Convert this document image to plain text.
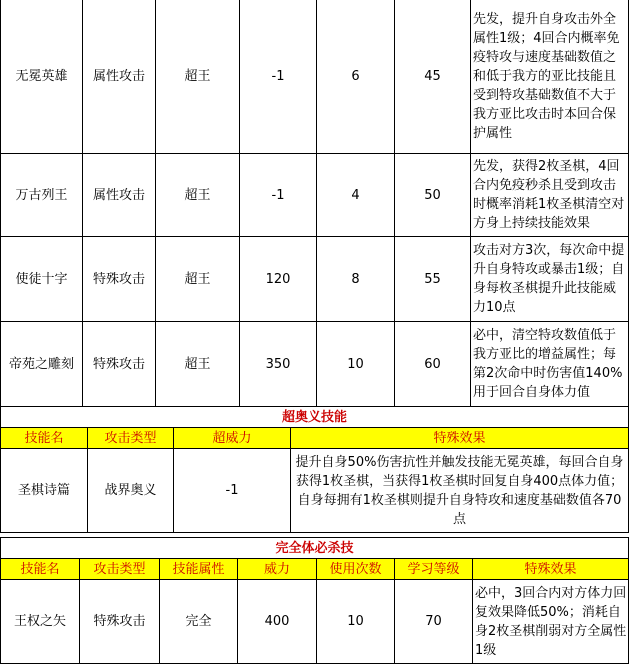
无冕英雄	属性攻击	超王	-1	6	45	先发，提升自身攻击外全属性1级；4回合内概率免疫特攻与速度基础数值之和低于我方的亚比技能且受到特攻基础数值不大于我方亚比攻击时本回合保护属性
万古列王	属性攻击	超王	-1	4	50	先发，获得2枚圣棋，4回合内免疫秒杀且受到攻击时概率消耗1枚圣棋清空对方身上持续技能效果
使徒十字	特殊攻击	超王	120	8	55	攻击对方3次，每次命中提升自身特攻或暴击1级；自身每枚圣棋提升此技能威力10点
帝苑之雕刻	特殊攻击	超王	350	10	60	必中，清空特攻数值低于我方亚比的增益属性；每第2次命中时伤害值140%用于回合自身体力值
超奥义技能			
技能名	攻击类型	超威力	特殊效果
圣棋诗篇	战界奥义	-1	提升自身50%伤害抗性并触发技能无冕英雄，每回合自身获得1枚圣棋，当获得1枚圣棋时回复自身400点体力值；自身每拥有1枚圣棋则提升自身特攻和速度基础数值各70点
完全体必杀技						
技能名	攻击类型	技能属性	威力	使用次数	学习等级	特殊效果
王权之矢	特殊攻击	完全	400	10	70	必中，3回合内对方体力回复效果降低50%；消耗自身2枚圣棋削弱对方全属性1级
